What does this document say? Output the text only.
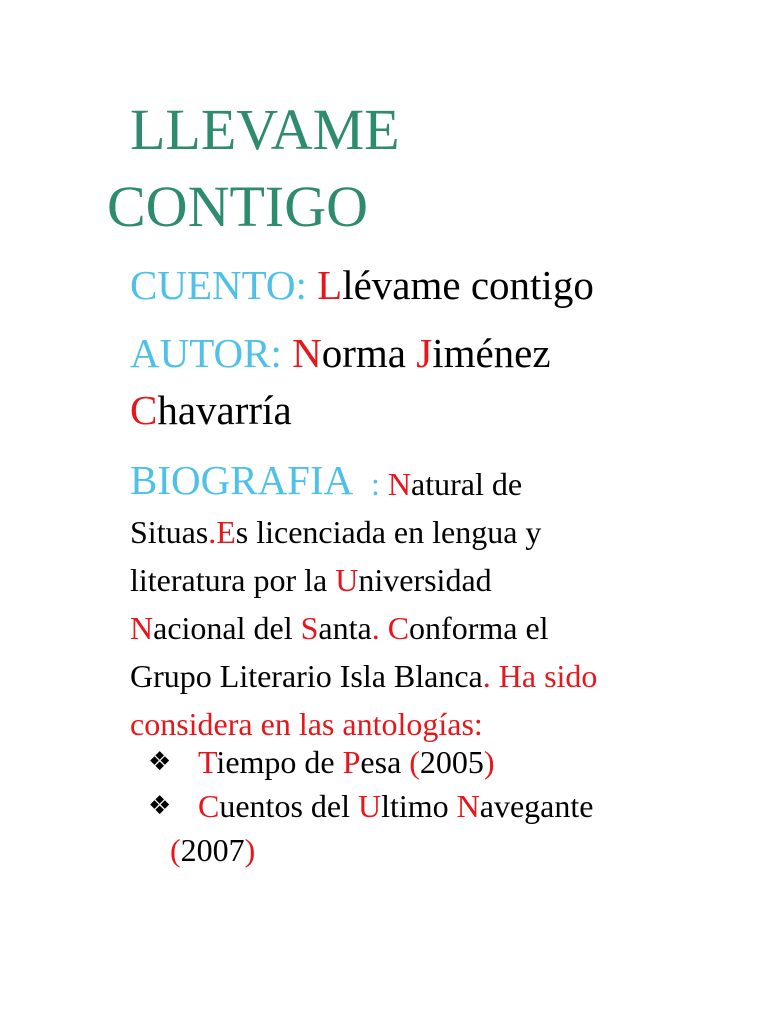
LLEVAME
CONTIGO

CUENTO: Llévame contigo

AUTOR: Norma Jiménez

Chavarría

BIOGRAFIA : Natural de
Situas.Es licenciada en lengua y
literatura por la Universidad
Nacional del Santa. Conforma el
Grupo Literario Isla Blanca. Ha sido
considera en las antologías:
❖ Tiempo de Pesa (2005)
❖ Cuentos del Ultimo Navegante
(2007)
